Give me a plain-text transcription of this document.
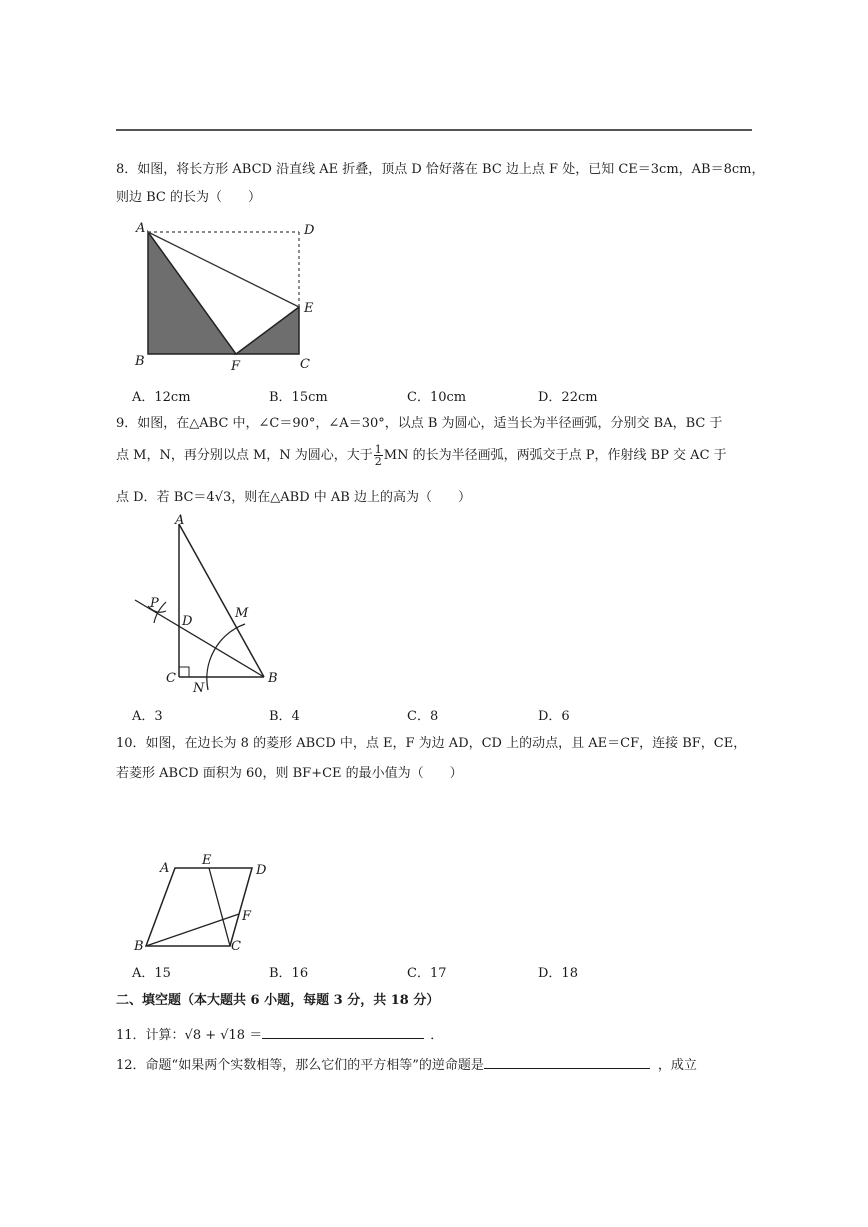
8．如图，将长方形 ABCD 沿直线 AE 折叠，顶点 D 恰好落在 BC 边上点 F 处，已知 CE＝3cm，AB＝8cm，
则边 BC 的长为（　　）
A	D
E
B	F	C
A．12cm	B．15cm	C．10cm	D．22cm
9．如图，在△ABC 中，∠C＝90°，∠A＝30°，以点 B 为圆心，适当长为半径画弧，分别交 BA，BC 于
点 M，N，再分别以点 M，N 为圆心，大于 $\frac{1}{2}$ MN 的长为半径画弧，两弧交于点 P，作射线 BP 交 AC 于
点 D．若 BC＝4√3，则在△ABD 中 AB 边上的高为（　　）
A
P
D
M
C
N
B
A．3	B．4	C．8	D．6
10．如图，在边长为 8 的菱形 ABCD 中，点 E，F 为边 AD，CD 上的动点，且 AE＝CF，连接 BF，CE，
若菱形 ABCD 面积为 60，则 BF+CE 的最小值为（　　）
A
E
D
F
B	C
A．15	B．16	C．17	D．18
二、填空题（本大题共 6 小题，每题 3 分，共 18 分）
11．计算：√8 + √18 ＝	．
12．命题“如果两个实数相等，那么它们的平方相等”的逆命题是	，成立
